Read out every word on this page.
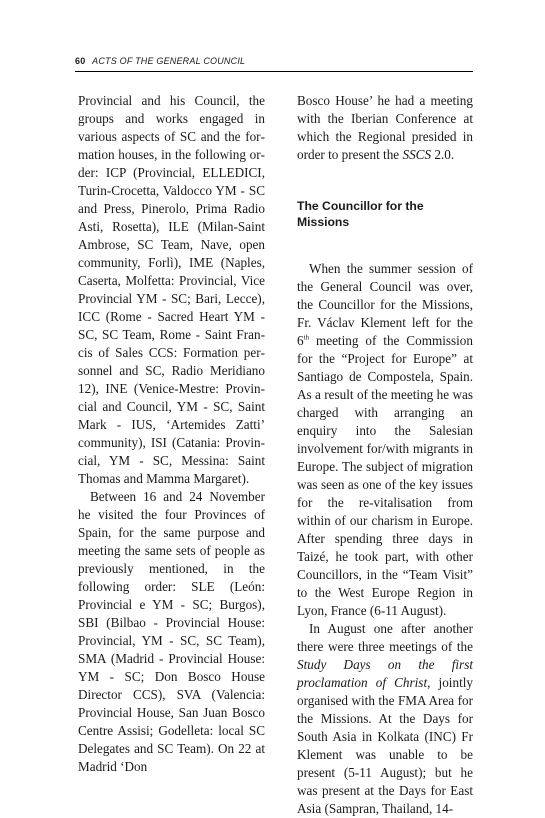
60 ACTS OF THE GENERAL COUNCIL

Provincial and his Council, the groups and works engaged in various aspects of SC and the formation houses, in the following order: ICP (Provincial, ELLEDICI, Turin-Crocetta, Valdocco YM - SC and Press, Pinerolo, Prima Radio Asti, Rosetta), ILE (Milan-Saint Ambrose, SC Team, Nave, open community, Forlì), IME (Naples, Caserta, Molfetta: Provincial, Vice Provincial YM - SC; Bari, Lecce), ICC (Rome - Sacred Heart YM - SC, SC Team, Rome - Saint Francis of Sales CCS: Formation personnel and SC, Radio Meridiano 12), INE (Venice-Mestre: Provincial and Council, YM - SC, Saint Mark - IUS, ‘Artemides Zatti’ community), ISI (Catania: Provincial, YM - SC, Messina: Saint Thomas and Mamma Margaret).

Between 16 and 24 November he visited the four Provinces of Spain, for the same purpose and meeting the same sets of people as previously mentioned, in the following order: SLE (León: Provincial e YM - SC; Burgos), SBI (Bilbao - Provincial House: Provincial, YM - SC, SC Team), SMA (Madrid - Provincial House: YM - SC; Don Bosco House Director CCS), SVA (Valencia: Provincial House, San Juan Bosco Centre Assisi; Godelleta: local SC Delegates and SC Team). On 22 at Madrid ‘Don

Bosco House’ he had a meeting with the Iberian Conference at which the Regional presided in order to present the SSCS 2.0.

The Councillor for the Missions

When the summer session of the General Council was over, the Councillor for the Missions, Fr. Václav Klement left for the 6th meeting of the Commission for the “Project for Europe” at Santiago de Compostela, Spain. As a result of the meeting he was charged with arranging an enquiry into the Salesian involvement for/with migrants in Europe. The subject of migration was seen as one of the key issues for the re-vitalisation from within of our charism in Europe. After spending three days in Taizé, he took part, with other Councillors, in the “Team Visit” to the West Europe Region in Lyon, France (6-11 August).

In August one after another there were three meetings of the Study Days on the first proclamation of Christ, jointly organised with the FMA Area for the Missions. At the Days for South Asia in Kolkata (INC) Fr Klement was unable to be present (5-11 August); but he was present at the Days for East Asia (Sampran, Thailand, 14-
